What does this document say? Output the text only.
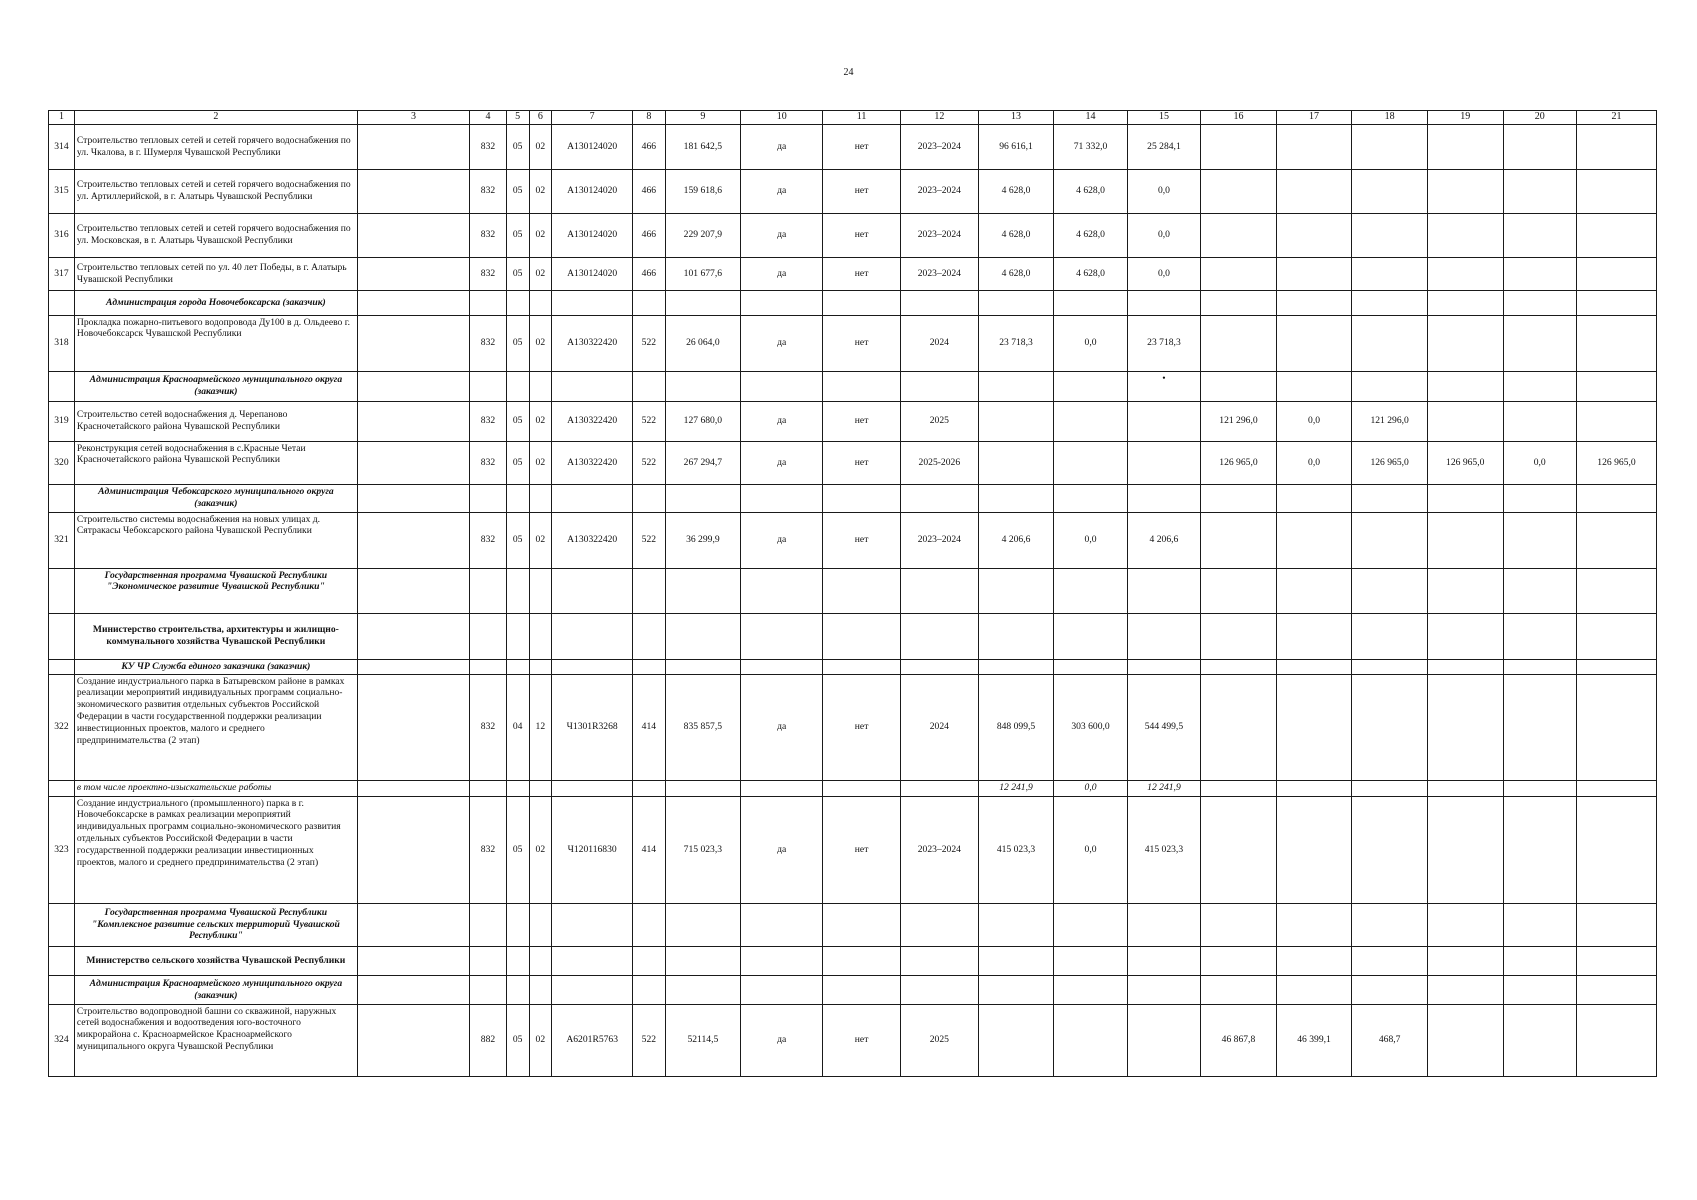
24
1	2	3	4	5	6	7	8	9	10	11	12	13	14	15	16	17	18	19	20	21
314	Строительство тепловых сетей и сетей горячего водоснабжения по ул. Чкалова, в г. Шумерля Чувашской Республики		832	05	02	А130124020	466	181 642,5	да	нет	2023–2024	96 616,1	71 332,0	25 284,1						
315	Строительство тепловых сетей и сетей горячего водоснабжения по ул. Артиллерийской, в г. Алатырь Чувашской Республики		832	05	02	А130124020	466	159 618,6	да	нет	2023–2024	4 628,0	4 628,0	0,0						
316	Строительство тепловых сетей и сетей горячего водоснабжения по ул. Московская, в г. Алатырь Чувашской Республики		832	05	02	А130124020	466	229 207,9	да	нет	2023–2024	4 628,0	4 628,0	0,0						
317	Строительство тепловых сетей по ул. 40 лет Победы, в г. Алатырь Чувашской Республики		832	05	02	А130124020	466	101 677,6	да	нет	2023–2024	4 628,0	4 628,0	0,0						
	Администрация города Новочебоксарска (заказчик)																			
318	Прокладка пожарно-питьевого водопровода Ду100 в д. Ольдеево г. Новочебоксарск Чувашской Республики		832	05	02	А130322420	522	26 064,0	да	нет	2024	23 718,3	0,0	23 718,3						
	Администрация Красноармейского муниципального округа (заказчик)													•						
319	Строительство сетей водоснабжения д. Черепаново Красночетайского района Чувашской Республики		832	05	02	А130322420	522	127 680,0	да	нет	2025				121 296,0	0,0	121 296,0			
320	Реконструкция сетей водоснабжения в с.Красные Четаи Красночетайского района Чувашской Республики		832	05	02	А130322420	522	267 294,7	да	нет	2025-2026				126 965,0	0,0	126 965,0	126 965,0	0,0	126 965,0
	Администрация Чебоксарского муниципального округа (заказчик)																			
321	Строительство системы водоснабжения на новых улицах д. Сятракасы Чебоксарского района Чувашской Республики		832	05	02	А130322420	522	36 299,9	да	нет	2023–2024	4 206,6	0,0	4 206,6						
	Государственная программа Чувашской Республики "Экономическое развитие Чувашской Республики"																			
	Министерство строительства, архитектуры и жилищно-коммунального хозяйства Чувашской Республики																			
	КУ ЧР Служба единого заказчика (заказчик)																			
322	Создание индустриального парка в Батыревском районе в рамках реализации мероприятий индивидуальных программ социально-экономического развития отдельных субъектов Российской Федерации в части государственной поддержки реализации инвестиционных проектов, малого и среднего предпринимательства (2 этап)		832	04	12	Ч1301R3268	414	835 857,5	да	нет	2024	848 099,5	303 600,0	544 499,5						
	в том числе проектно-изыскательские работы											12 241,9	0,0	12 241,9						
323	Создание индустриального (промышленного) парка в г. Новочебоксарске в рамках реализации мероприятий индивидуальных программ социально-экономического развития отдельных субъектов Российской Федерации в части государственной поддержки реализации инвестиционных проектов, малого и среднего предпринимательства (2 этап)		832	05	02	Ч120116830	414	715 023,3	да	нет	2023–2024	415 023,3	0,0	415 023,3						
	Государственная программа Чувашской Республики "Комплексное развитие сельских территорий Чувашской Республики"																			
	Министерство сельского хозяйства Чувашской Республики																			
	Администрация Красноармейского муниципального округа (заказчик)																			
324	Строительство водопроводной башни со скважиной, наружных сетей водоснабжения и водоотведения юго-восточного микрорайона с. Красноармейское Красноармейского муниципального округа Чувашской Республики		882	05	02	А6201R5763	522	52114,5	да	нет	2025				46 867,8	46 399,1	468,7			
